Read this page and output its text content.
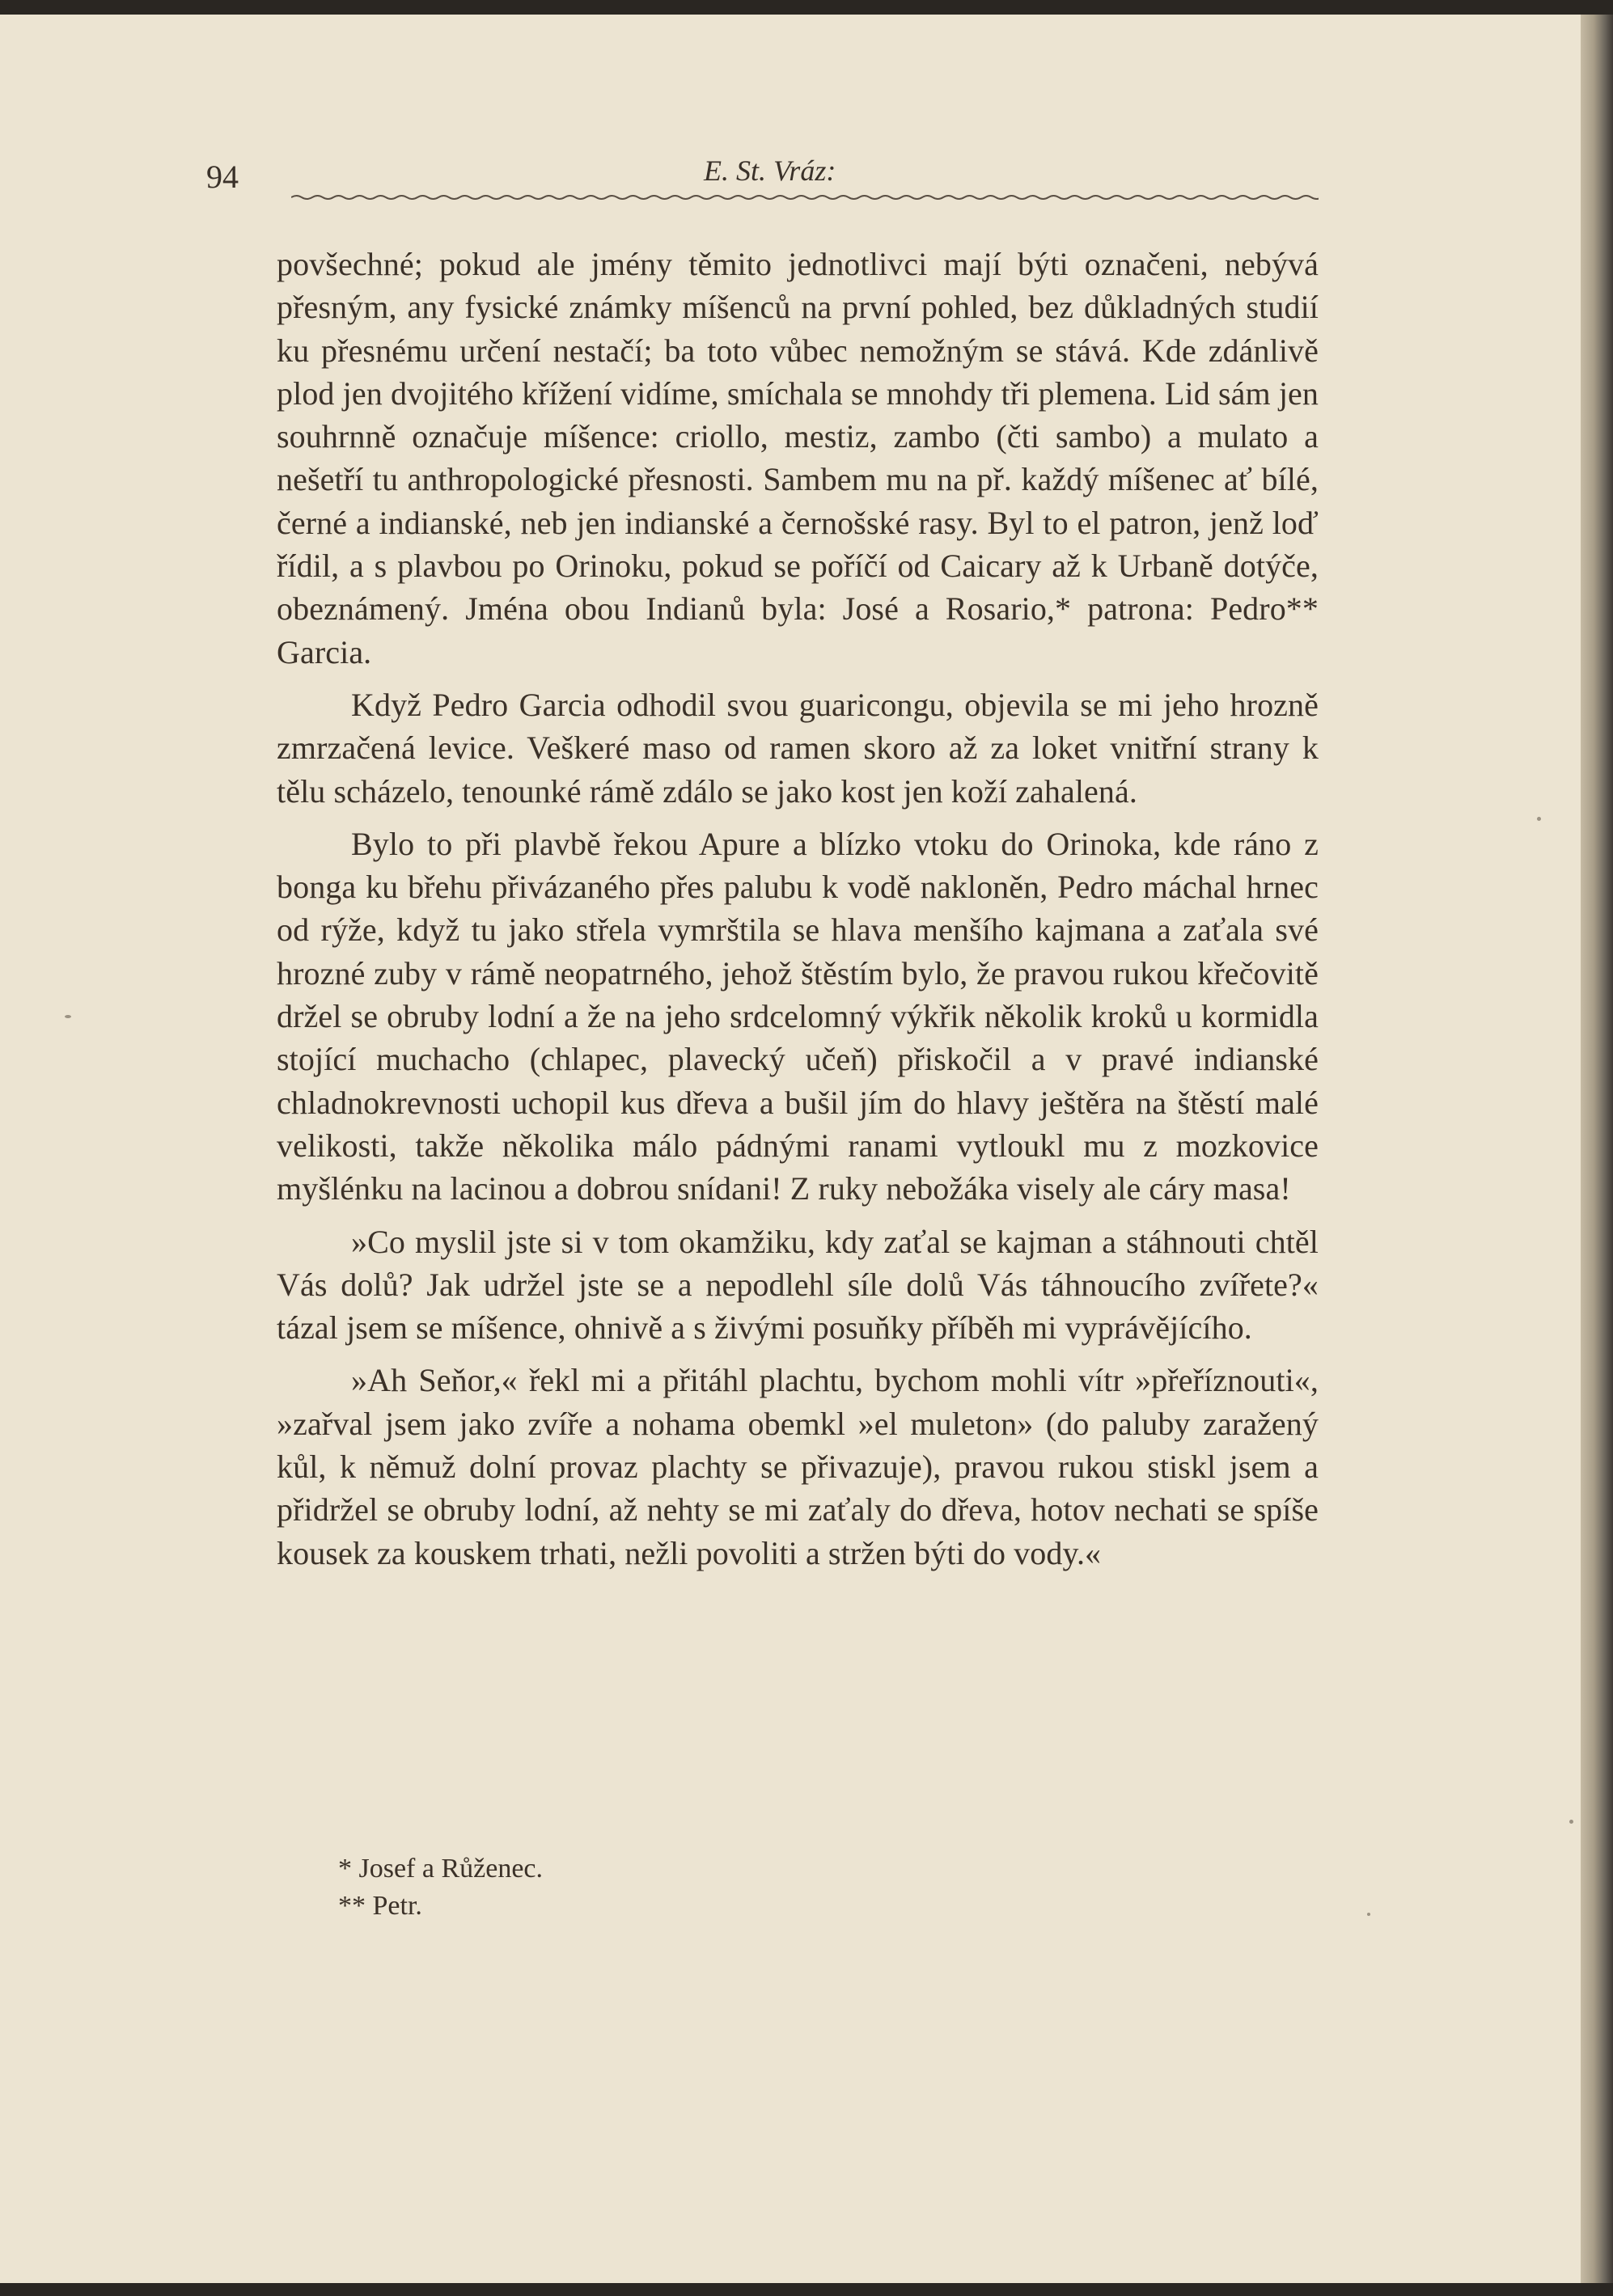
94	E. St. Vráz:

povšechné; pokud ale jmény těmito jednotlivci mají býti označeni, nebývá přesným, any fysické známky míšenců na první pohled, bez důkladných studií ku přesnému určení nestačí; ba toto vůbec nemožným se stává. Kde zdánlivě plod jen dvojitého křížení vidíme, smíchala se mnohdy tři plemena. Lid sám jen souhrnně označuje míšence: criollo, mestiz, zambo (čti sambo) a mulato a nešetří tu anthropologické přesnosti. Sambem mu na př. každý míšenec ať bílé, černé a indianské, neb jen indianské a černošské rasy. Byl to el patron, jenž loď řídil, a s plavbou po Orinoku, pokud se poříčí od Caicary až k Urbaně dotýče, obeznámený. Jména obou Indianů byla: José a Rosario,* patrona: Pedro** Garcia.

Když Pedro Garcia odhodil svou guaricongu, objevila se mi jeho hrozně zmrzačená levice. Veškeré maso od ramen skoro až za loket vnitřní strany k tělu scházelo, tenounké rámě zdálo se jako kost jen koží zahalená.

Bylo to při plavbě řekou Apure a blízko vtoku do Orinoka, kde ráno z bonga ku břehu přivázaného přes palubu k vodě nakloněn, Pedro máchal hrnec od rýže, když tu jako střela vymrštila se hlava menšího kajmana a zaťala své hrozné zuby v rámě neopatrného, jehož štěstím bylo, že pravou rukou křečovitě držel se obruby lodní a že na jeho srdcelomný výkřik několik kroků u kormidla stojící muchacho (chlapec, plavecký učeň) přiskočil a v pravé indianské chladnokrevnosti uchopil kus dřeva a bušil jím do hlavy ještěra na štěstí malé velikosti, takže několika málo pádnými ranami vytloukl mu z mozkovice myšlénku na lacinou a dobrou snídani! Z ruky nebožáka visely ale cáry masa!

»Co myslil jste si v tom okamžiku, kdy zaťal se kajman a stáhnouti chtěl Vás dolů? Jak udržel jste se a nepodlehl síle dolů Vás táhnoucího zvířete?« tázal jsem se míšence, ohnivě a s živými posuňky příběh mi vyprávějícího.

»Ah Seňor,« řekl mi a přitáhl plachtu, bychom mohli vítr »přeříznouti«, »zařval jsem jako zvíře a nohama obemkl »el muleton» (do paluby zaražený kůl, k němuž dolní provaz plachty se přivazuje), pravou rukou stiskl jsem a přidržel se obruby lodní, až nehty se mi zaťaly do dřeva, hotov nechati se spíše kousek za kouskem trhati, nežli povoliti a stržen býti do vody.«

* Josef a Růženec.
** Petr.
